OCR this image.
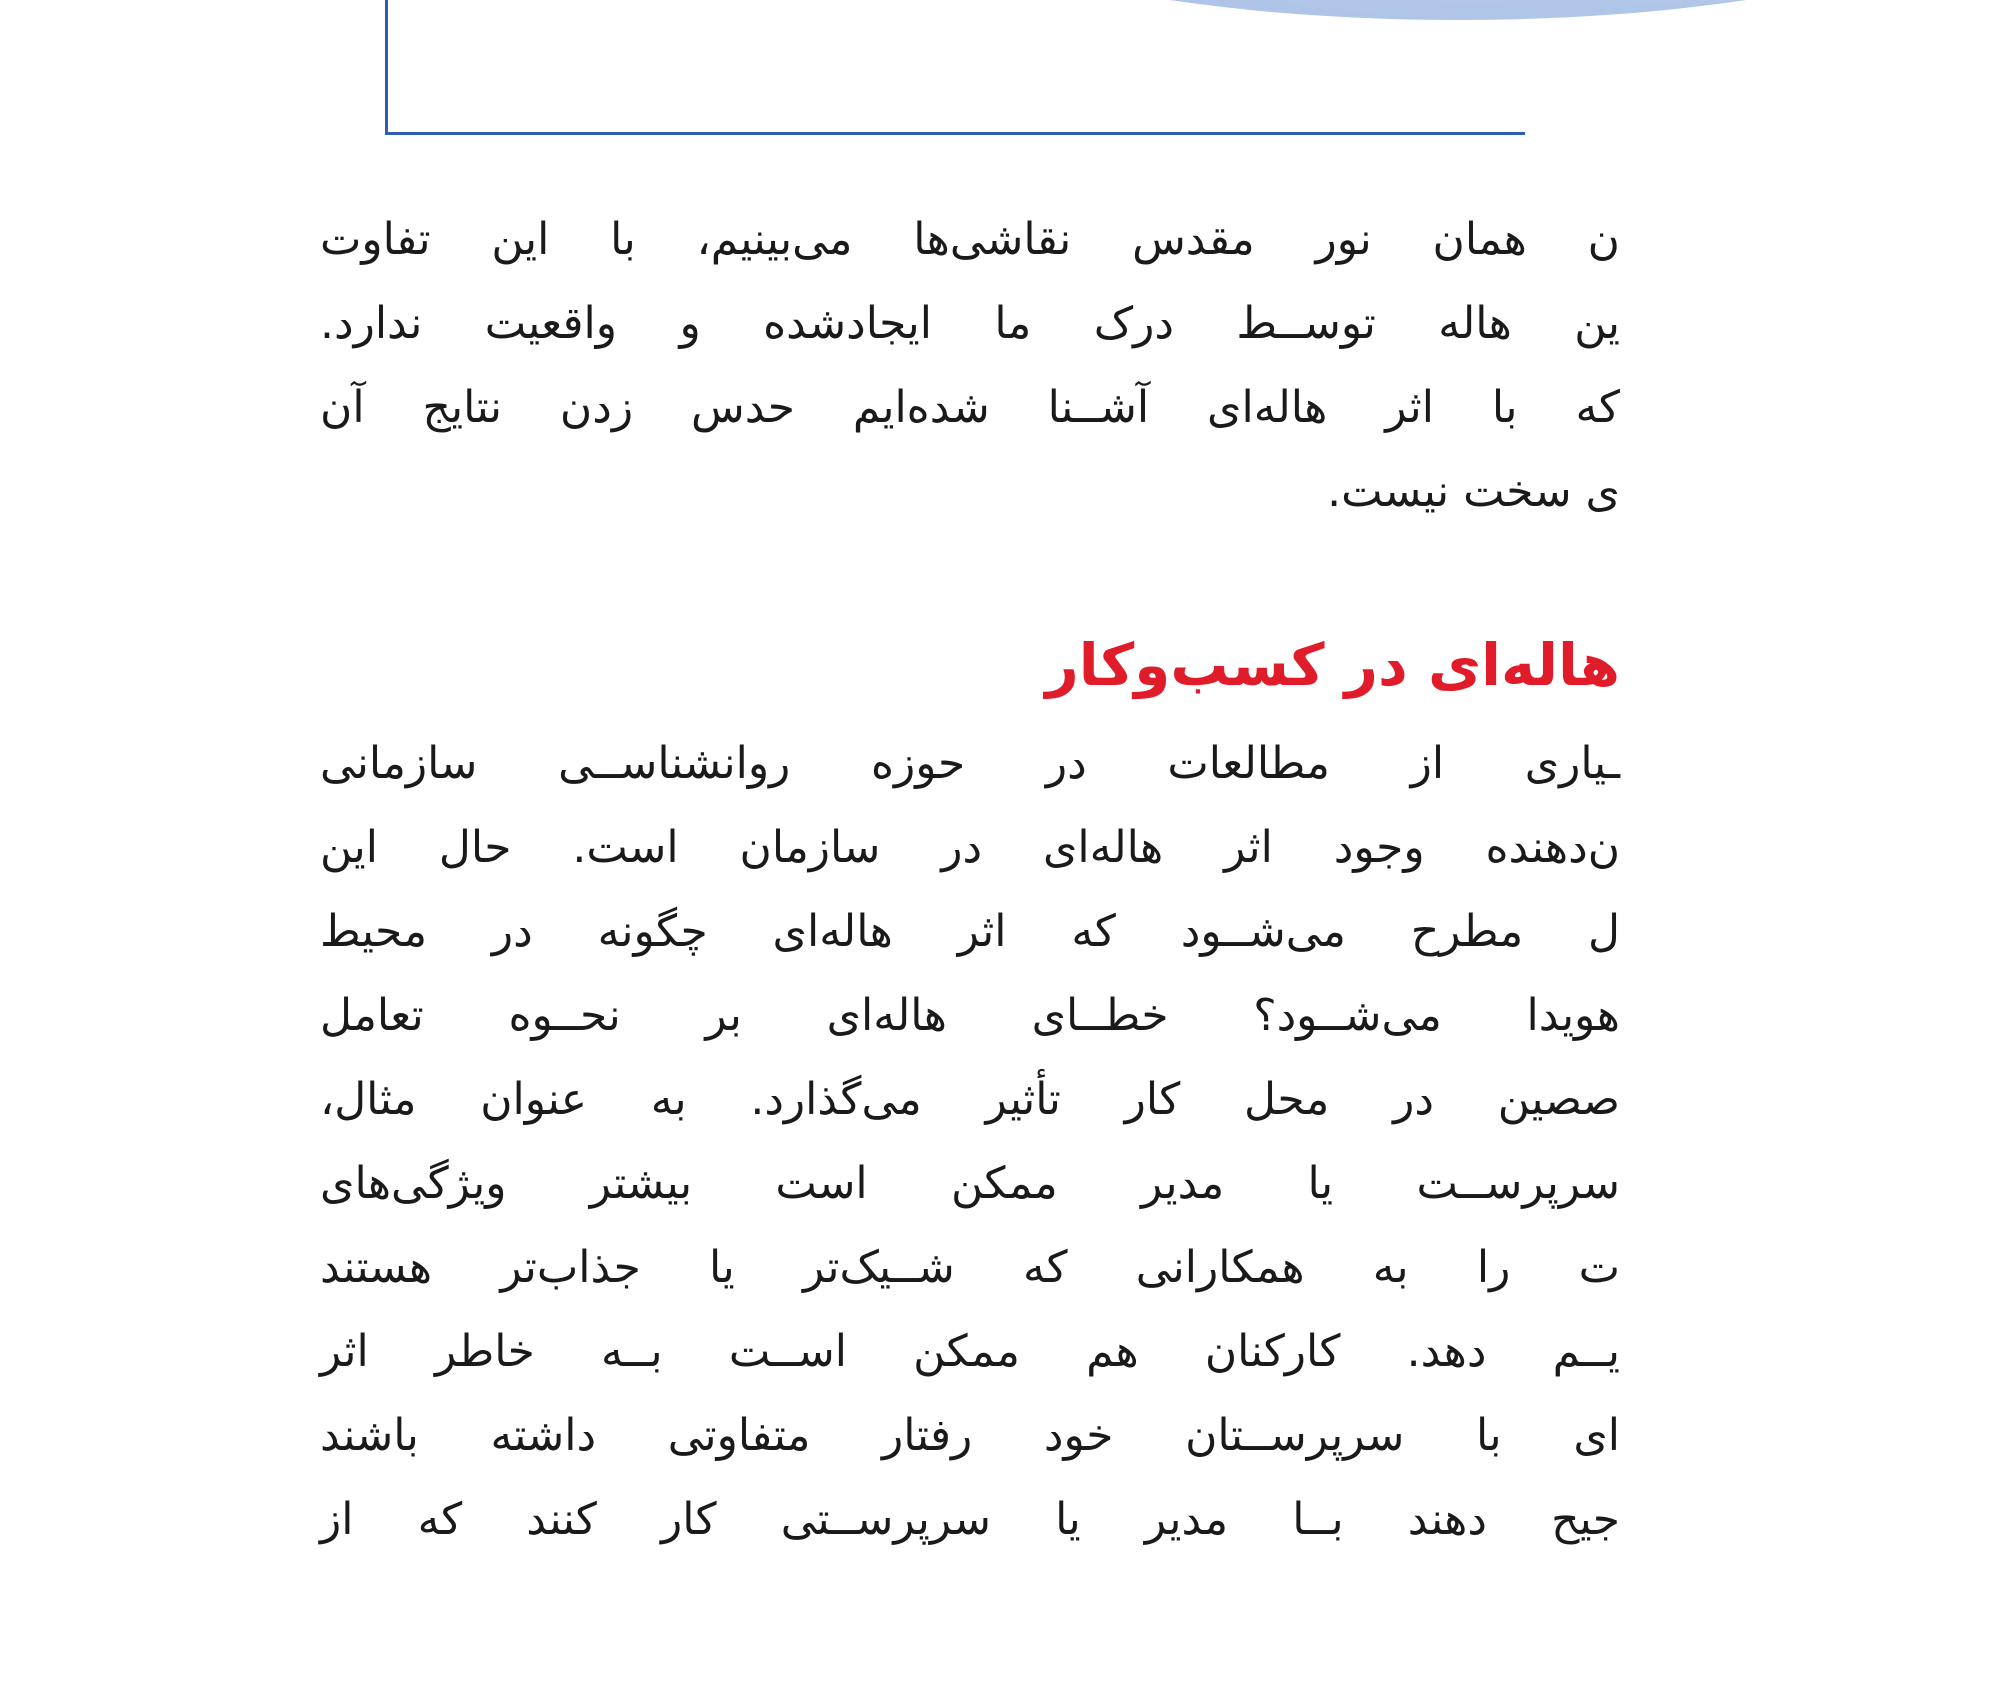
ن همان نور مقدس نقاشی‌ها می‌بینیم، با این تفاوت
ین هاله توســط درک ما ایجادشده و واقعیت ندارد.
که با اثر هاله‌ای آشــنا شده‌ایم حدس زدن نتایج آن
ی سخت نیست.
هاله‌ای در کسب‌وکار
ـیاری از مطالعات در حوزه روانشناســی سازمانی
ن‌دهنده وجود اثر هاله‌ای در سازمان است. حال این
ل مطرح می‌شــود که اثر هاله‌ای چگونه در محیط
هویدا می‌شــود؟ خطــای هاله‌ای بر نحــوه تعامل
صصین در محل کار تأثیر می‌گذارد. به عنوان مثال،
سرپرســت یا مدیر ممکن است بیشتر ویژگی‌های
ت را به همکارانی که شــیک‌تر یا جذاب‌تر هستند
یــم دهد. کارکنان هم ممکن اســت بــه خاطر اثر
ای با سرپرســتان خود رفتار متفاوتی داشته باشند
جیح دهند بــا مدیر یا سرپرســتی کار کنند که از
